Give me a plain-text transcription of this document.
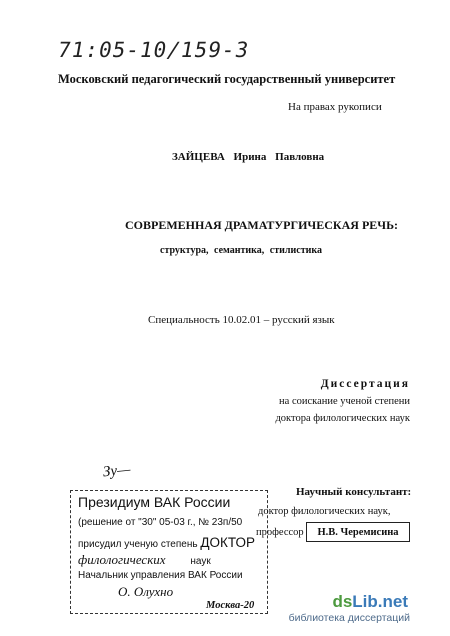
71:05-10/159-3
Московский педагогический государственный университет
На правах рукописи
ЗАЙЦЕВА Ирина Павловна
СОВРЕМЕННАЯ ДРАМАТУРГИЧЕСКАЯ РЕЧЬ:
структура, семантика, стилистика
Специальность 10.02.01 – русский язык
Диссертация
на соискание ученой степени
доктора филологических наук
Зу—
Президиум ВАК России
(решение от "30" 05-03 г., № 23п/50
присудил ученую степень ДОКТОР
филологических наук
Начальник управления ВАК России
О. Олухно
Научный консультант:
доктор филологических наук,
профессор	Н.В. Черемисина
Москва-20	dsLib.net
библиотека диссертаций
